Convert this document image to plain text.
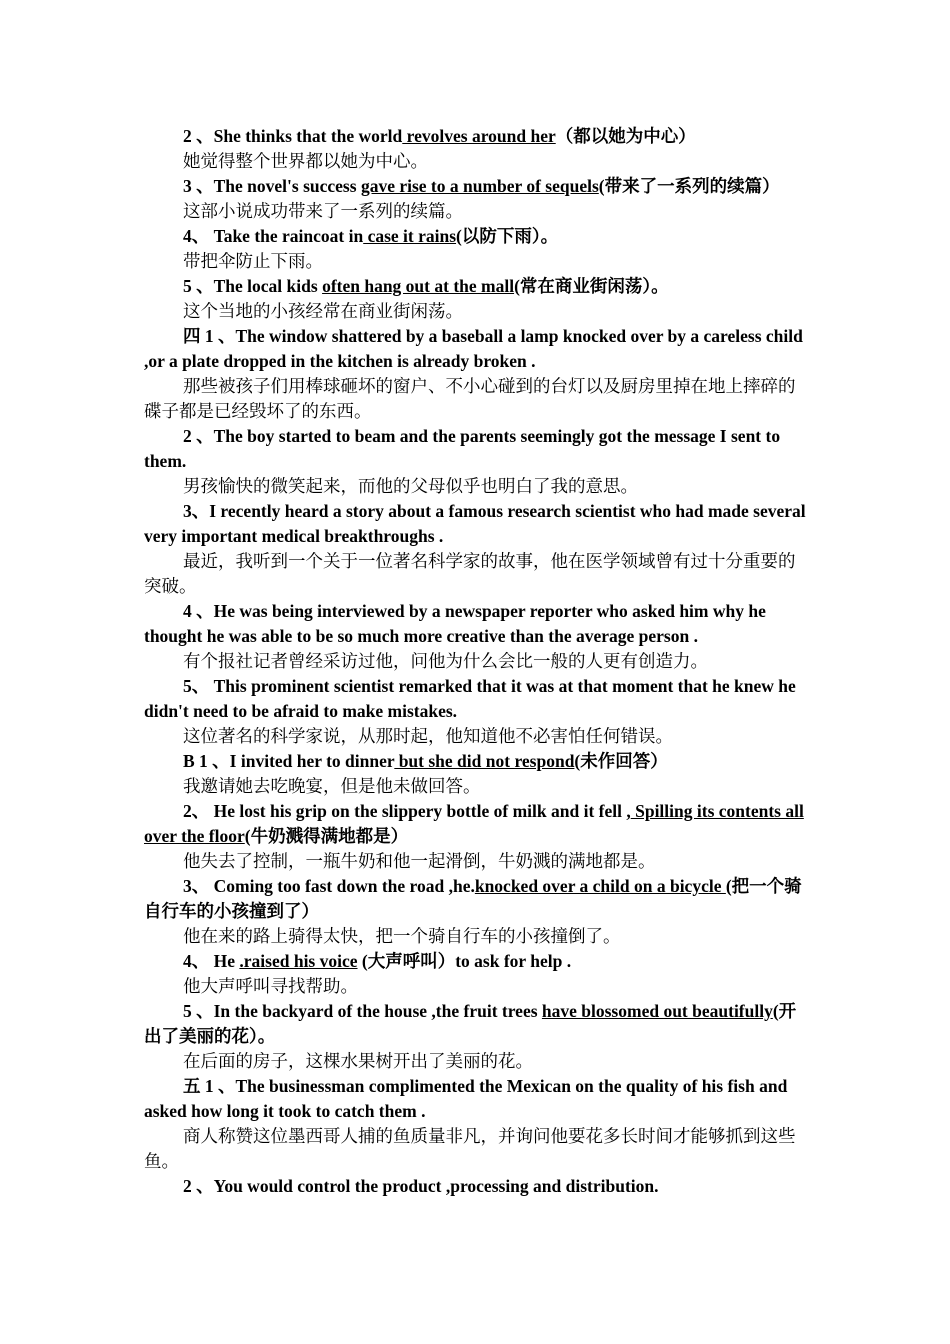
2 、She thinks that the world revolves around her（都以她为中心）

她觉得整个世界都以她为中心。

3 、The novel's success gave rise to a number of sequels(带来了一系列的续篇）

这部小说成功带来了一系列的续篇。

4、 Take the raincoat in case it rains(以防下雨）。

带把伞防止下雨。

5 、The local kids often hang out at the mall(常在商业街闲荡）。

这个当地的小孩经常在商业街闲荡。

四 1 、The window shattered by a baseball a lamp knocked over by a careless child ,or a plate dropped in the kitchen is already broken .

那些被孩子们用棒球砸坏的窗户、不小心碰到的台灯以及厨房里掉在地上摔碎的碟子都是已经毁坏了的东西。

2 、The boy started to beam and the parents seemingly got the message I sent to them.

男孩愉快的微笑起来，而他的父母似乎也明白了我的意思。

3、I recently heard a story about a famous research scientist who had made several very important medical breakthroughs .

最近，我听到一个关于一位著名科学家的故事，他在医学领域曾有过十分重要的突破。

4 、He was being interviewed by a newspaper reporter who asked him why he thought he was able to be so much more creative than the average person .

有个报社记者曾经采访过他，问他为什么会比一般的人更有创造力。

5、 This prominent scientist remarked that it was at that moment that he knew he didn't need to be afraid to make mistakes.

这位著名的科学家说，从那时起，他知道他不必害怕任何错误。

B 1 、I invited her to dinner but she did not respond(未作回答）

我邀请她去吃晚宴，但是他未做回答。

2、 He lost his grip on the slippery bottle of milk and it fell , Spilling its contents all over the floor(牛奶溅得满地都是）

他失去了控制，一瓶牛奶和他一起滑倒，牛奶溅的满地都是。

3、 Coming too fast down the road ,he.knocked over a child on a bicycle (把一个骑自行车的小孩撞到了）

他在来的路上骑得太快，把一个骑自行车的小孩撞倒了。

4、 He .raised his voice (大声呼叫）to ask for help .

他大声呼叫寻找帮助。

5 、In the backyard of the house ,the fruit trees have blossomed out beautifully(开出了美丽的花）。

在后面的房子，这棵水果树开出了美丽的花。

五 1 、The businessman complimented the Mexican on the quality of his fish and asked how long it took to catch them .

商人称赞这位墨西哥人捕的鱼质量非凡，并询问他要花多长时间才能够抓到这些鱼。

2 、You would control the product ,processing and distribution.
